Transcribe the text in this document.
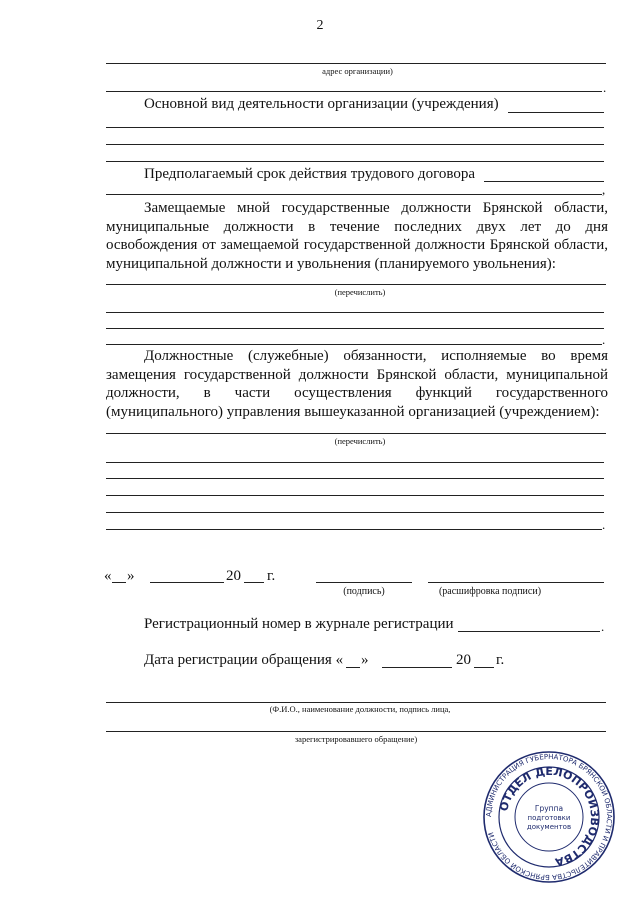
2
адрес организации)
.
Основной вид деятельности организации (учреждения)
Предполагаемый срок действия трудового договора
,
Замещаемые мной государственные должности Брянской области, муниципальные должности в течение последних двух лет до дня освобождения от замещаемой государственной должности Брянской области, муниципальной должности и увольнения (планируемого увольнения):
(перечислить)
.
Должностные (служебные) обязанности, исполняемые во время замещения государственной должности Брянской области, муниципальной должности, в части осуществления функций государственного (муниципального) управления вышеуказанной организацией (учреждением):
(перечислить)
.
« »	20 г.
(подпись)	(расшифровка подписи)
Регистрационный номер в журнале регистрации	.
Дата регистрации обращения « »	20 г.
(Ф.И.О., наименование должности, подпись лица,
зарегистрировавшего обращение)
АДМИНИСТРАЦИЯ ГУБЕРНАТОРА БРЯНСКОЙ ОБЛАСТИ И ПРАВИТЕЛЬСТВА БРЯНСКОЙ ОБЛАСТИ
ОТДЕЛ ДЕЛОПРОИЗВОДСТВА
Группа
подготовки
документов
